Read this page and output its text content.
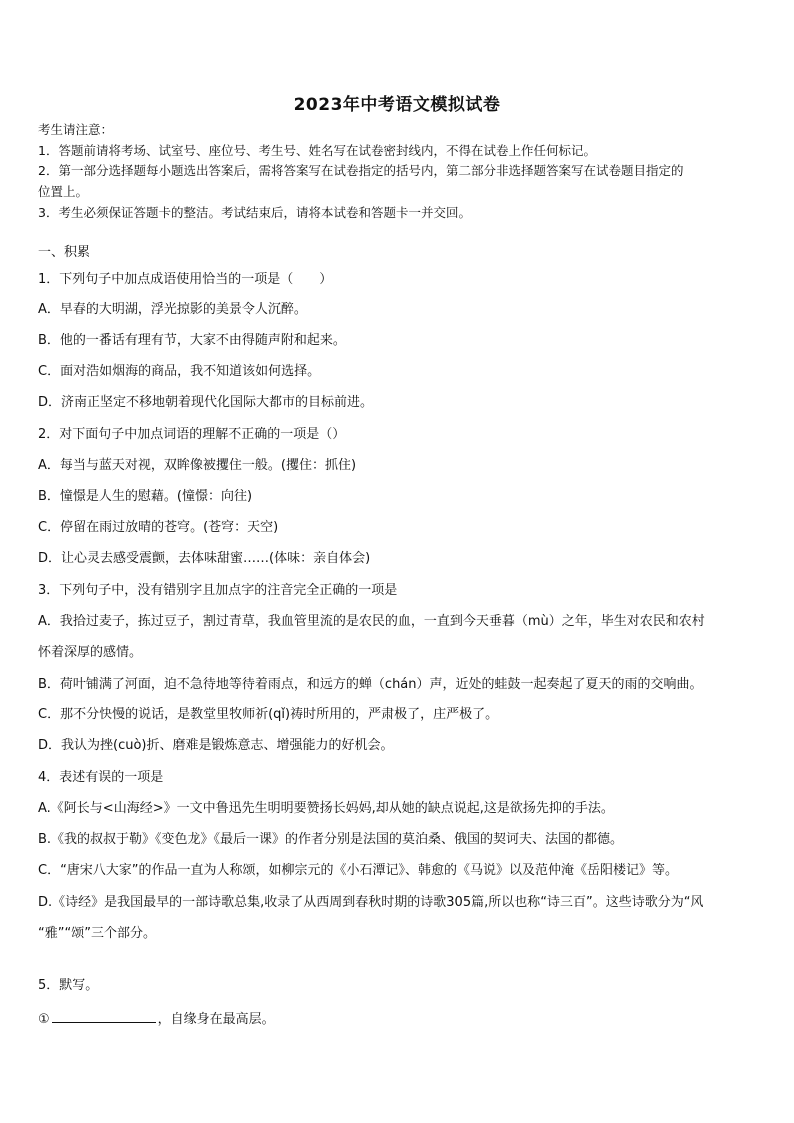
2023年中考语文模拟试卷
考生请注意：
1．答题前请将考场、试室号、座位号、考生号、姓名写在试卷密封线内，不得在试卷上作任何标记。
2．第一部分选择题每小题选出答案后，需将答案写在试卷指定的括号内，第二部分非选择题答案写在试卷题目指定的
位置上。
3．考生必须保证答题卡的整洁。考试结束后，请将本试卷和答题卡一并交回。
一、积累
1．下列句子中加点成语使用恰当的一项是（　　）
A．早春的大明湖，浮光掠影的美景令人沉醉。
B．他的一番话有理有节，大家不由得随声附和起来。
C．面对浩如烟海的商品，我不知道该如何选择。
D．济南正坚定不移地朝着现代化国际大都市的目标前进。
2．对下面句子中加点词语的理解不正确的一项是（）
A．每当与蓝天对视，双眸像被攫住一般。(攫住：抓住)
B．憧憬是人生的慰藉。(憧憬：向往)
C．停留在雨过放晴的苍穹。(苍穹：天空)
D．让心灵去感受震颤，去体味甜蜜……(体味：亲自体会)
3．下列句子中，没有错别字且加点字的注音完全正确的一项是
A．我拾过麦子，拣过豆子，割过青草，我血管里流的是农民的血，一直到今天垂暮（mù）之年，毕生对农民和农村
怀着深厚的感情。
B．荷叶铺满了河面，迫不急待地等待着雨点，和远方的蝉（chán）声，近处的蛙鼓一起奏起了夏天的雨的交响曲。
C．那不分快慢的说话，是教堂里牧师祈(qǐ)祷时所用的，严肃极了，庄严极了。
D．我认为挫(cuò)折、磨难是锻炼意志、增强能力的好机会。
4．表述有误的一项是
A.《阿长与<山海经>》一文中鲁迅先生明明要赞扬长妈妈,却从她的缺点说起,这是欲扬先抑的手法。
B.《我的叔叔于勒》《变色龙》《最后一课》的作者分别是法国的莫泊桑、俄国的契诃夫、法国的都德。
C．“唐宋八大家”的作品一直为人称颂，如柳宗元的《小石潭记》、韩愈的《马说》以及范仲淹《岳阳楼记》等。
D.《诗经》是我国最早的一部诗歌总集,收录了从西周到春秋时期的诗歌305篇,所以也称“诗三百”。这些诗歌分为“风
“雅”“颂”三个部分。
5．默写。
①	，自缘身在最高层。
